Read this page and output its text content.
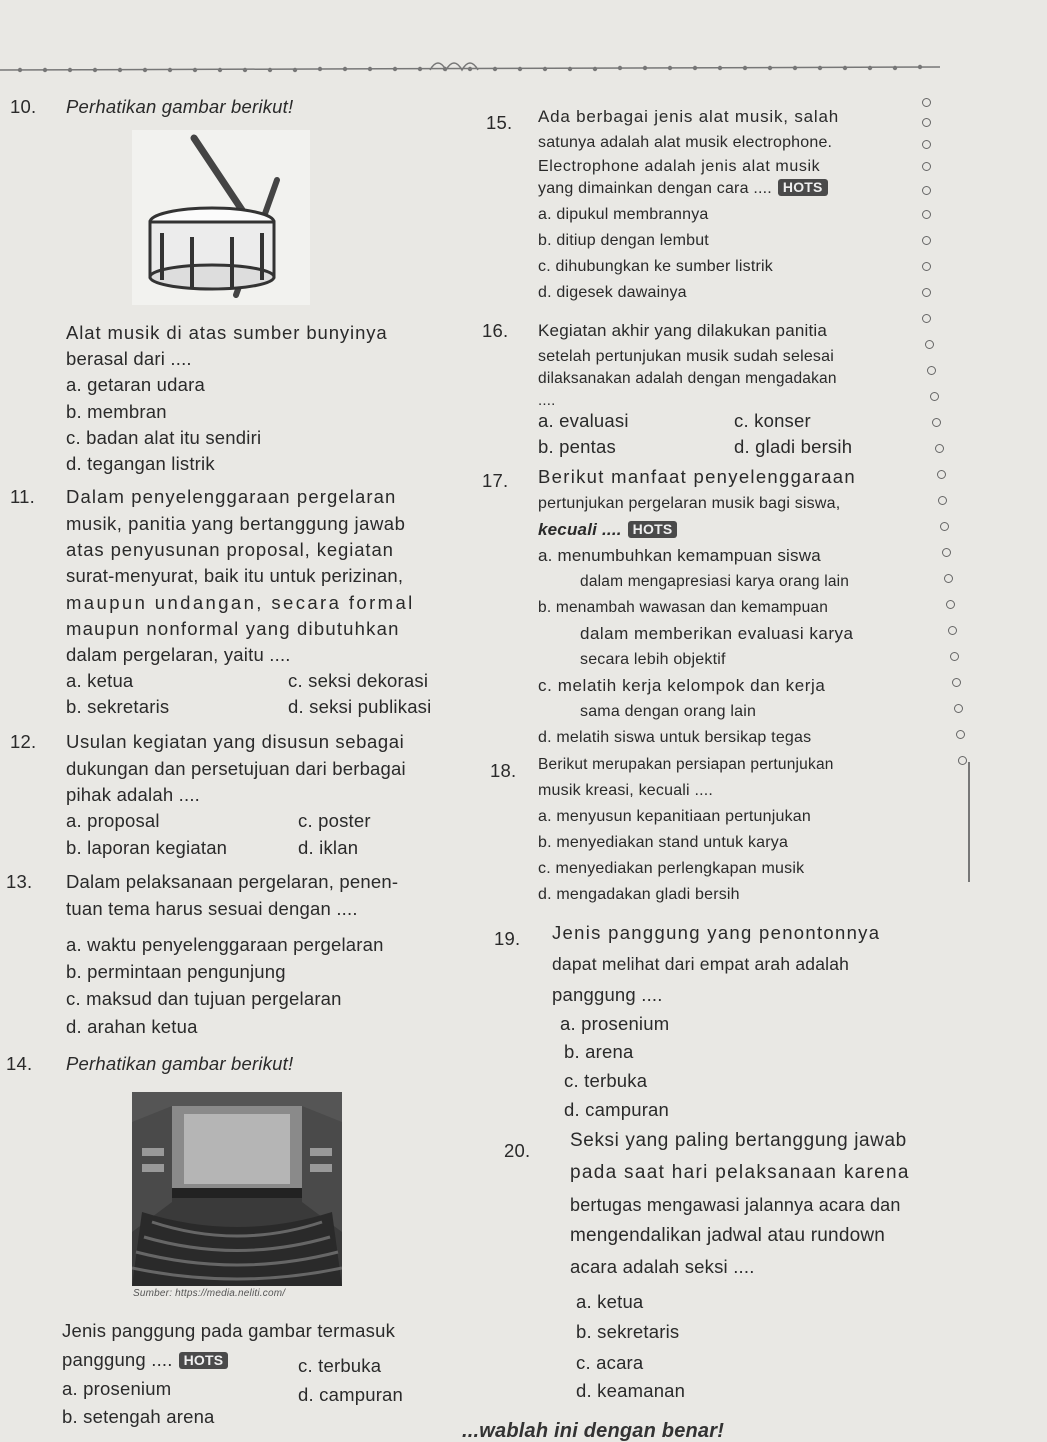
10. Perhatikan gambar berikut!
Alat musik di atas sumber bunyinya
berasal dari ....
a. getaran udara
b. membran
c. badan alat itu sendiri
d. tegangan listrik
11. Dalam penyelenggaraan pergelaran
musik, panitia yang bertanggung jawab
atas penyusunan proposal, kegiatan
surat-menyurat, baik itu untuk perizinan,
maupun undangan, secara formal
maupun nonformal yang dibutuhkan
dalam pergelaran, yaitu ....
a. ketua	c. seksi dekorasi
b. sekretaris	d. seksi publikasi
12. Usulan kegiatan yang disusun sebagai
dukungan dan persetujuan dari berbagai
pihak adalah ....
a. proposal	c. poster
b. laporan kegiatan	d. iklan
13. Dalam pelaksanaan pergelaran, penen-
tuan tema harus sesuai dengan ....
a. waktu penyelenggaraan pergelaran
b. permintaan pengunjung
c. maksud dan tujuan pergelaran
d. arahan ketua
14. Perhatikan gambar berikut!
Sumber: https://media.neliti.com/
Jenis panggung pada gambar termasuk
panggung .... HOTS
a. prosenium
c. terbuka
b. setengah arena
d. campuran
15. Ada berbagai jenis alat musik, salah
satunya adalah alat musik electrophone.
Electrophone adalah jenis alat musik
yang dimainkan dengan cara .... HOTS
a. dipukul membrannya
b. ditiup dengan lembut
c. dihubungkan ke sumber listrik
d. digesek dawainya
16. Kegiatan akhir yang dilakukan panitia
setelah pertunjukan musik sudah selesai
dilaksanakan adalah dengan mengadakan
....
a. evaluasi	c. konser
b. pentas	d. gladi bersih
17. Berikut manfaat penyelenggaraan
pertunjukan pergelaran musik bagi siswa,
kecuali .... HOTS
a. menumbuhkan kemampuan siswa
dalam mengapresiasi karya orang lain
b. menambah wawasan dan kemampuan
dalam memberikan evaluasi karya
secara lebih objektif
c. melatih kerja kelompok dan kerja
sama dengan orang lain
d. melatih siswa untuk bersikap tegas
18. Berikut merupakan persiapan pertunjukan
musik kreasi, kecuali ....
a. menyusun kepanitiaan pertunjukan
b. menyediakan stand untuk karya
c. menyediakan perlengkapan musik
d. mengadakan gladi bersih
19. Jenis panggung yang penontonnya
dapat melihat dari empat arah adalah
panggung ....
a. prosenium
b. arena
c. terbuka
d. campuran
20. Seksi yang paling bertanggung jawab
pada saat hari pelaksanaan karena
bertugas mengawasi jalannya acara dan
mengendalikan jadwal atau rundown
acara adalah seksi ....
a. ketua
b. sekretaris
c. acara
d. keamanan
...wablah ini dengan benar!
